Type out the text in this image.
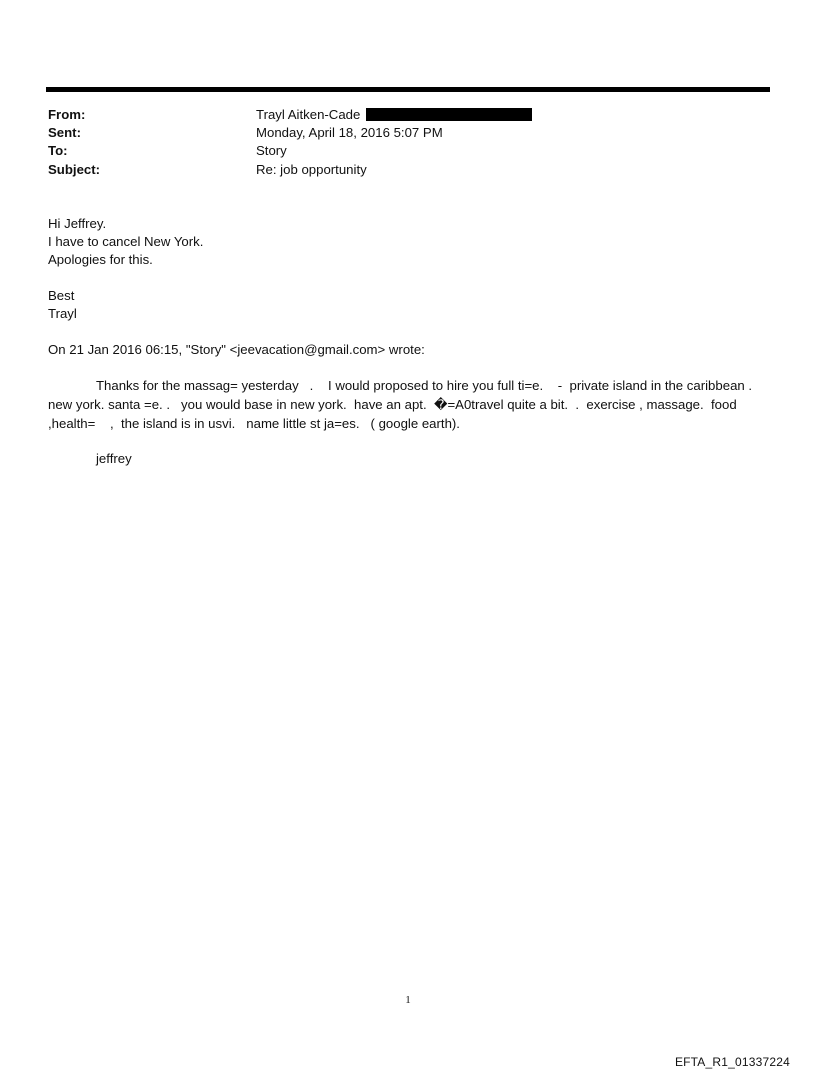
From:	Trayl Aitken-Cade
Sent:	Monday, April 18, 2016 5:07 PM
To:	Story
Subject:	Re: job opportunity
Hi Jeffrey.
I have to cancel New York.
Apologies for this.
Best
Trayl
On 21 Jan 2016 06:15, "Story" <jeevacation@gmail.com> wrote:
Thanks for the massag= yesterday   .    I would proposed to hire you full ti=e.    -  private island in the caribbean .
new york. santa =e. .   you would base in new york.  have an apt.  �=A0travel quite a bit.  .  exercise , massage.  food
,health=    ,  the island is in usvi.   name little st ja=es.   ( google earth).
jeffrey
1
EFTA_R1_01337224
